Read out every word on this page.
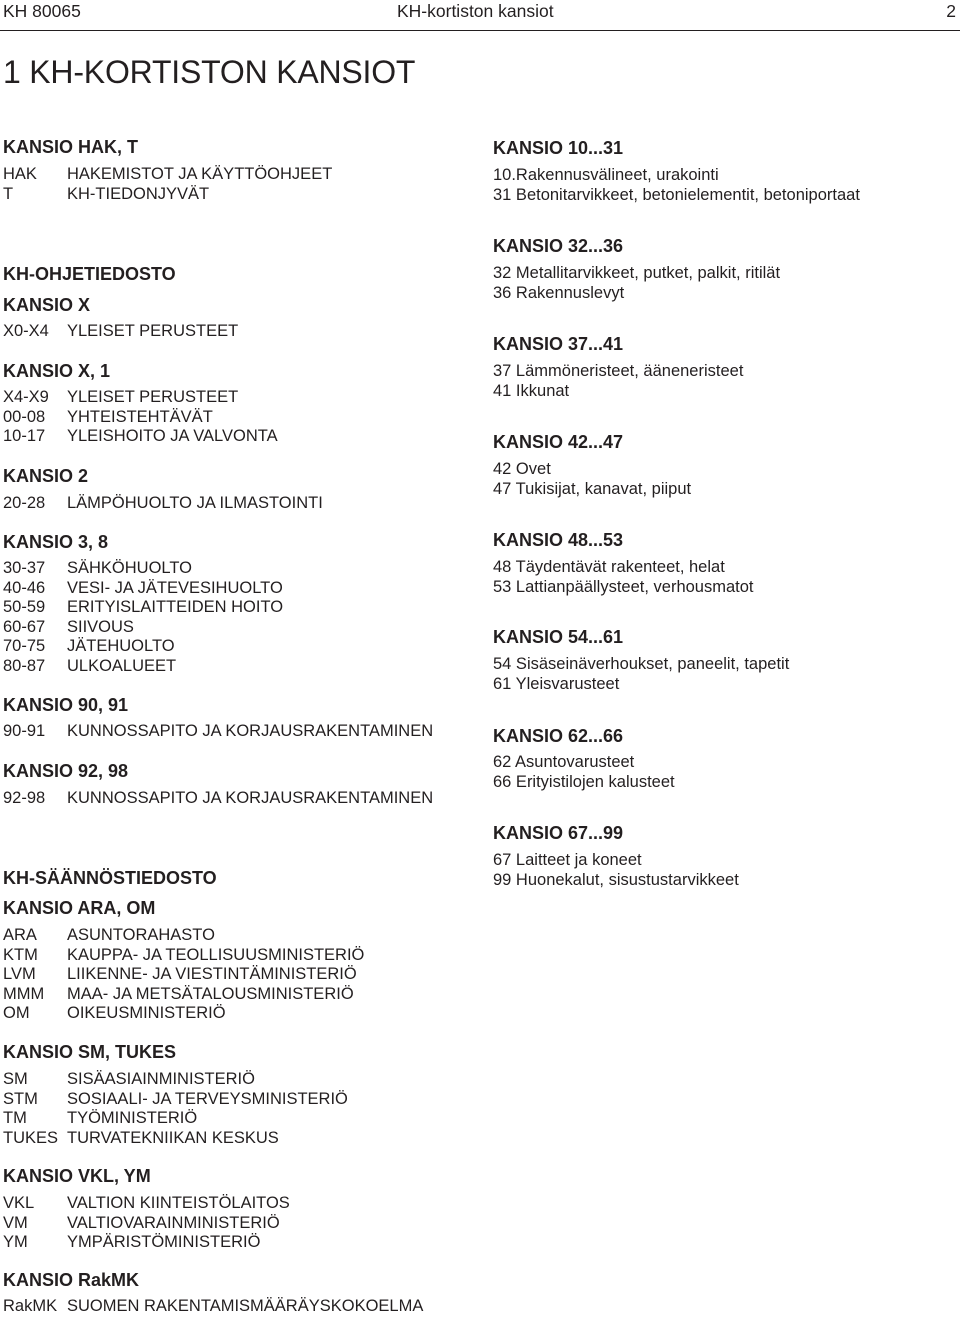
KH 80065	KH-kortiston kansiot	2
1 KH-KORTISTON KANSIOT
KANSIO HAK, T
HAK HAKEMISTOT JA KÄYTTÖOHJEET
T	KH-TIEDONJYVÄT
KH-OHJETIEDOSTO
KANSIO X
X0-X4 YLEISET PERUSTEET
KANSIO X, 1
X4-X9 YLEISET PERUSTEET
00-08 YHTEISTEHTÄVÄT
10-17 YLEISHOITO JA VALVONTA
KANSIO 2
20-28 LÄMPÖHUOLTO JA ILMASTOINTI
KANSIO 3, 8
30-37 SÄHKÖHUOLTO
40-46 VESI- JA JÄTEVESIHUOLTO
50-59 ERITYISLAITTEIDEN HOITO
60-67 SIIVOUS
70-75 JÄTEHUOLTO
80-87 ULKOALUEET
KANSIO 90, 91
90-91 KUNNOSSAPITO JA KORJAUSRAKENTAMINEN
KANSIO 92, 98
92-98 KUNNOSSAPITO JA KORJAUSRAKENTAMINEN
KH-SÄÄNNÖSTIEDOSTO
KANSIO ARA, OM
ARA ASUNTORAHASTO
KTM KAUPPA- JA TEOLLISUUSMINISTERIÖ
LVM LIIKENNE- JA VIESTINTÄMINISTERIÖ
MMM MAA- JA METSÄTALOUSMINISTERIÖ
OM OIKEUSMINISTERIÖ
KANSIO SM, TUKES
SM SISÄASIAINMINISTERIÖ
STM SOSIAALI- JA TERVEYSMINISTERIÖ
TM TYÖMINISTERIÖ
TUKES TURVATEKNIIKAN KESKUS
KANSIO VKL, YM
VKL VALTION KIINTEISTÖLAITOS
VM VALTIOVARAINMINISTERIÖ
YM YMPÄRISTÖMINISTERIÖ
KANSIO RakMK
RakMK SUOMEN RAKENTAMISMÄÄRÄYSKOKOELMA
KANSIO 10...31
10.Rakennusvälineet, urakointi
31 Betonitarvikkeet, betonielementit, betoniportaat
KANSIO 32...36
32 Metallitarvikkeet, putket, palkit, ritilät
36 Rakennuslevyt
KANSIO 37...41
37 Lämmöneristeet, ääneneristeet
41 Ikkunat
KANSIO 42...47
42 Ovet
47 Tukisijat, kanavat, piiput
KANSIO 48...53
48 Täydentävät rakenteet, helat
53 Lattianpäällysteet, verhousmatot
KANSIO 54...61
54 Sisäseinäverhoukset, paneelit, tapetit
61 Yleisvarusteet
KANSIO 62...66
62 Asuntovarusteet
66 Erityistilojen kalusteet
KANSIO 67...99
67 Laitteet ja koneet
99 Huonekalut, sisustustarvikkeet
